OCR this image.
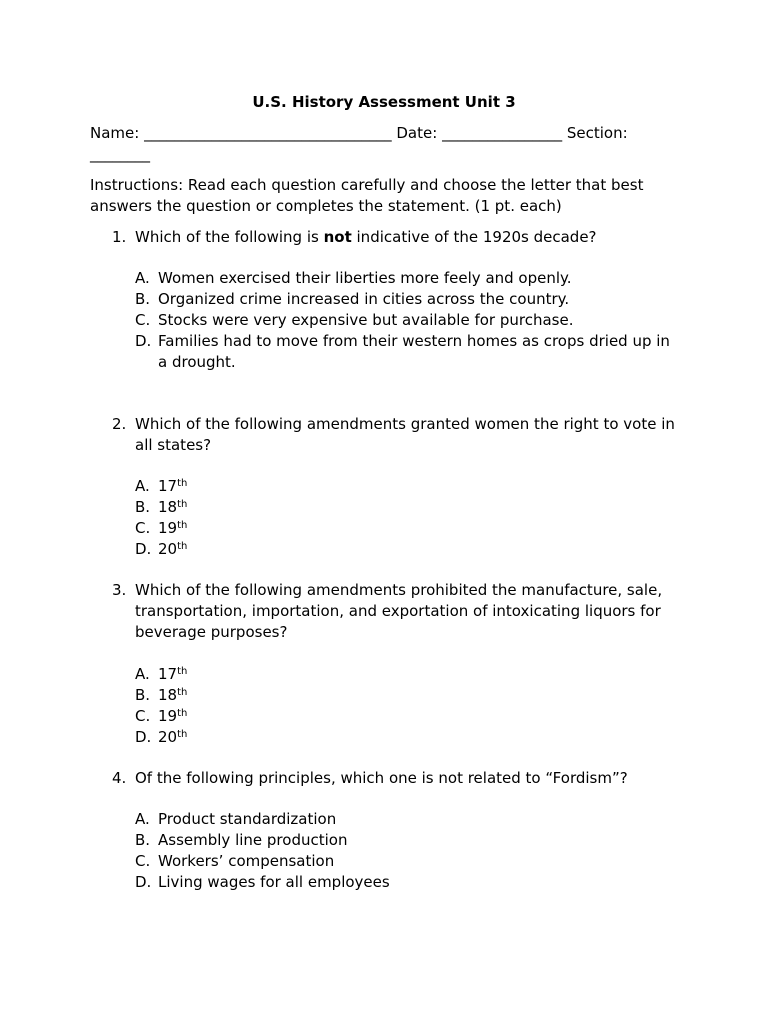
U.S. History Assessment Unit 3
Name: _________________________________ Date: ________________ Section: ________
Instructions: Read each question carefully and choose the letter that best answers the question or completes the statement. (1 pt. each)
1. Which of the following is not indicative of the 1920s decade?
A. Women exercised their liberties more feely and openly.
B. Organized crime increased in cities across the country.
C. Stocks were very expensive but available for purchase.
D. Families had to move from their western homes as crops dried up in a drought.
2. Which of the following amendments granted women the right to vote in all states?
A. 17th
B. 18th
C. 19th
D. 20th
3. Which of the following amendments prohibited the manufacture, sale, transportation, importation, and exportation of intoxicating liquors for beverage purposes?
A. 17th
B. 18th
C. 19th
D. 20th
4. Of the following principles, which one is not related to “Fordism”?
A. Product standardization
B. Assembly line production
C. Workers’ compensation
D. Living wages for all employees
